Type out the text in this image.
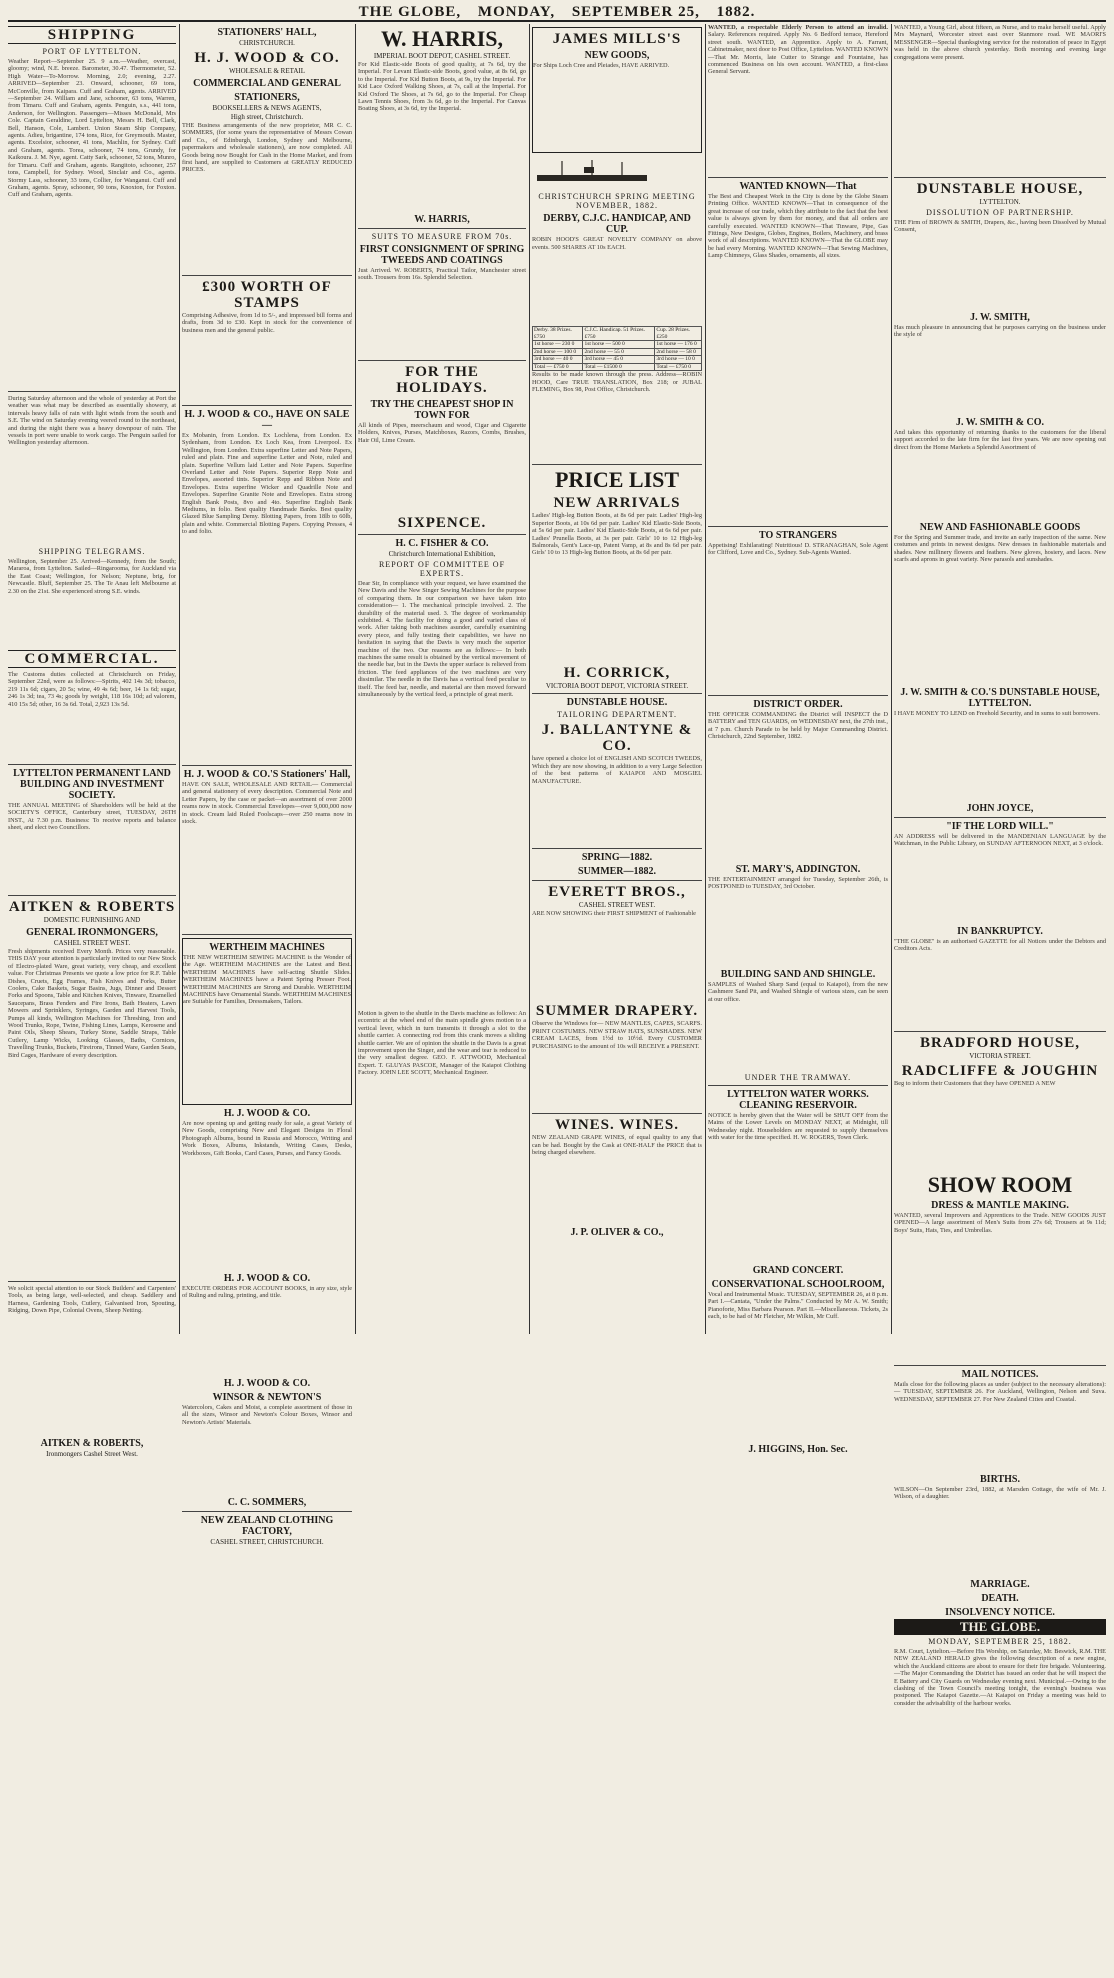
THE GLOBE, MONDAY, SEPTEMBER 25, 1882.
SHIPPING
PORT OF LYTTELTON.
Weather Report—September 25. 9 a.m.—Weather, overcast, gloomy; wind, N.E. breeze. Barometer, 30.47. Thermometer, 52. High Water—To-Morrow. Morning, 2.0; evening, 2.27. ARRIVED—September 23. Onward, schooner, 69 tons, McConville, from Kaipara. Cuff and Graham, agents. ARRIVED—September 24. William and Jane, schooner, 63 tons, Warren, from Timaru. Cuff and Graham, agents. Penguin, s.s., 441 tons, Anderson, for Wellington. Passengers—Misses McDonald, Mrs Cole. Captain Geraldine, Lord Lyttelton, Messrs H. Bell, Clark, Bell, Hanson, Cole, Lambert. Union Steam Ship Company, agents. Adieu, brigantine, 174 tons, Rice, for Greymouth. Master, agents. Excelsior, schooner, 41 tons, Machlin, for Sydney. Cuff and Graham, agents. Torea, schooner, 74 tons, Grundy, for Kaikoura. J. M. Nye, agent. Catty Sark, schooner, 52 tons, Munro, for Timaru. Cuff and Graham, agents. Rangitoto, schooner, 257 tons, Campbell, for Sydney. Wood, Sinclair and Co., agents. Stormy Lass, schooner, 33 tons, Collier, for Wanganui. Cuff and Graham, agents. Spray, schooner, 90 tons, Knoxton, for Foxton. Cuff and Graham, agents.
During Saturday afternoon and the whole of yesterday at Port the weather was what may be described as essentially showery, at intervals heavy falls of rain with light winds from the south and S.E. The wind on Saturday evening veered round to the northeast, and during the night there was a heavy downpour of rain. The vessels in port were unable to work cargo. The Penguin sailed for Wellington yesterday afternoon.
SHIPPING TELEGRAMS.
Wellington, September 25. Arrived—Kennedy, from the South; Mararoa, from Lyttelton. Sailed—Ringarooma, for Auckland via the East Coast; Wellington, for Nelson; Neptune, brig, for Newcastle. Bluff, September 25. The Te Anau left Melbourne at 2.30 on the 21st. She experienced strong S.E. winds.
COMMERCIAL.
The Customs duties collected at Christchurch on Friday, September 22nd, were as follows:—Spirits, 402 14s 3d; tobacco, 219 11s 6d; cigars, 20 5s; wine, 49 4s 6d; beer, 14 1s 6d; sugar, 246 1s 3d; tea, 73 4s; goods by weight, 118 16s 10d; ad valorem, 410 15s 5d; other, 16 3s 6d. Total, 2,923 13s 5d.
LYTTELTON PERMANENT LAND BUILDING AND INVESTMENT SOCIETY.
THE ANNUAL MEETING of Shareholders will be held at the SOCIETY'S OFFICE, Canterbury street, TUESDAY, 26TH INST., At 7.30 p.m. Business: To receive reports and balance sheet, and elect two Councillors.
AITKEN & ROBERTS
DOMESTIC FURNISHING AND
GENERAL IRONMONGERS,
CASHEL STREET WEST.
Fresh shipments received Every Month. Prices very reasonable. THIS DAY your attention is particularly invited to our New Stock of Electro-plated Ware, great variety, very cheap, and excellent value. For Christmas Presents we quote a low price for R.F. Table Dishes, Cruets, Egg Frames, Fish Knives and Forks, Butter Coolers, Cake Baskets, Sugar Basins, Jugs, Dinner and Dessert Forks and Spoons, Table and Kitchen Knives, Tinware, Enamelled Saucepans, Brass Fenders and Fire Irons, Bath Heaters, Lawn Mowers and Sprinklers, Syringes, Garden and Harvest Tools, Pumps all kinds, Wellington Machines for Threshing, Iron and Wood Trunks, Rope, Twine, Fishing Lines, Lamps, Kerosene and Paint Oils, Sheep Shears, Turkey Stone, Saddle Straps, Table Cutlery, Lamp Wicks, Looking Glasses, Baths, Cornices, Travelling Trunks, Buckets, Fireirons, Tinned Ware, Garden Seats, Bird Cages, Hardware of every description.
We solicit special attention to our Stock Builders' and Carpenters' Tools, as being large, well-selected, and cheap. Saddlery and Harness, Gardening Tools, Cutlery, Galvanised Iron, Spouting, Ridging, Down Pipe, Colonial Ovens, Sheep Netting.
AITKEN & ROBERTS,
Ironmongers Cashel Street West.
STATIONERS' HALL,
CHRISTCHURCH.
H. J. WOOD & CO.
WHOLESALE & RETAIL
COMMERCIAL AND GENERAL
STATIONERS,
BOOKSELLERS & NEWS AGENTS,
High street, Christchurch.
THE Business arrangements of the new proprietor, MR C. C. SOMMERS, (for some years the representative of Messrs Cowan and Co., of Edinburgh, London, Sydney and Melbourne, papermakers and wholesale stationers), are now completed. All Goods being now Bought for Cash in the Home Market, and from first hand, are supplied to Customers at GREATLY REDUCED PRICES.
£300 WORTH OF STAMPS
Comprising Adhesive, from 1d to 5/-, and impressed bill forms and drafts, from 3d to £30. Kept in stock for the convenience of business men and the general public.
H. J. WOOD & CO., HAVE ON SALE—
Ex Mobanin, from London. Ex Lochlena, from London. Ex Sydenham, from London. Ex Loch Kea, from Liverpool. Ex Wellington, from London. Extra superfine Letter and Note Papers, ruled and plain. Fine and superfine Letter and Note, ruled and plain. Superfine Vellum laid Letter and Note Papers. Superfine Overland Letter and Note Papers. Superior Repp Note and Envelopes, assorted tints. Superior Repp and Ribbon Note and Envelopes. Extra superfine Wicker and Quadrille Note and Envelopes. Superfine Granite Note and Envelopes. Extra strong English Bank Posts, 8vo and 4to. Superfine English Bank Mediums, in folio. Best quality Handmade Banks. Best quality Glazed Blue Sampling Demy. Blotting Papers, from 18lb to 60lb, plain and white. Commercial Blotting Papers. Copying Presses, 4 to and folio.
H. J. WOOD & CO.'S Stationers' Hall,
HAVE ON SALE, WHOLESALE AND RETAIL— Commercial and general stationery of every description. Commercial Note and Letter Papers, by the case or packet—an assortment of over 2000 reams now in stock. Commercial Envelopes—over 9,000,000 now in stock. Cream laid Ruled Foolscaps—over 250 reams now in stock.
WERTHEIM MACHINES
THE NEW WERTHEIM SEWING MACHINE is the Wonder of the Age. WERTHEIM MACHINES are the Latest and Best. WERTHEIM MACHINES have self-acting Shuttle Slides. WERTHEIM MACHINES have a Patent Spring Presser Foot. WERTHEIM MACHINES are Strong and Durable. WERTHEIM MACHINES have Ornamental Stands. WERTHEIM MACHINES are Suitable for Families, Dressmakers, Tailors.
H. J. WOOD & CO.
Are now opening up and getting ready for sale, a great Variety of New Goods, comprising New and Elegant Designs in Floral Photograph Albums, bound in Russia and Morocco, Writing and Work Boxes, Albums, Inkstands, Writing Cases, Desks, Workboxes, Gift Books, Card Cases, Purses, and Fancy Goods.
H. J. WOOD & CO.
EXECUTE ORDERS FOR ACCOUNT BOOKS, in any size, style of Ruling and ruling, printing, and title.
H. J. WOOD & CO.
WINSOR & NEWTON'S
Watercolors, Cakes and Moist, a complete assortment of those in all the sizes, Winsor and Newton's Colour Boxes, Winsor and Newton's Artists' Materials.
C. C. SOMMERS,
NEW ZEALAND CLOTHING FACTORY,
CASHEL STREET, CHRISTCHURCH.
W. HARRIS,
IMPERIAL BOOT DEPOT, CASHEL STREET.
For Kid Elastic-side Boots of good quality, at 7s 6d, try the Imperial. For Levant Elastic-side Boots, good value, at 8s 6d, go to the Imperial. For Kid Button Boots, at 9s, try the Imperial. For Kid Lace Oxford Walking Shoes, at 7s, call at the Imperial. For Kid Oxford Tie Shoes, at 7s 6d, go to the Imperial. For Cheap Lawn Tennis Shoes, from 3s 6d, go to the Imperial. For Canvas Boating Shoes, at 3s 6d, try the Imperial.
W. HARRIS,
SUITS TO MEASURE FROM 70s.
FIRST CONSIGNMENT OF SPRING TWEEDS AND COATINGS
Just Arrived. W. ROBERTS, Practical Tailor, Manchester street south. Trousers from 16s. Splendid Selection.
FOR THE HOLIDAYS.
TRY THE CHEAPEST SHOP IN TOWN FOR
All kinds of Pipes, meerschaum and wood, Cigar and Cigarette Holders, Knives, Purses, Matchboxes, Razors, Combs, Brushes, Hair Oil, Lime Cream.
SIXPENCE.
H. C. FISHER & CO.
Christchurch International Exhibition,
REPORT OF COMMITTEE OF EXPERTS.
Dear Sir, In compliance with your request, we have examined the New Davis and the New Singer Sewing Machines for the purpose of comparing them. In our comparison we have taken into consideration— 1. The mechanical principle involved. 2. The durability of the material used. 3. The degree of workmanship exhibited. 4. The facility for doing a good and varied class of work. After taking both machines asunder, carefully examining every piece, and fully testing their capabilities, we have no hesitation in saying that the Davis is very much the superior machine of the two. Our reasons are as follows:— In both machines the same result is obtained by the vertical movement of the needle bar, but in the Davis the upper surface is relieved from friction. The feed appliances of the two machines are very dissimilar. The needle in the Davis has a vertical feed peculiar to itself. The feed bar, needle, and material are then moved forward simultaneously by the vertical feed, a principle of great merit.
Motion is given to the shuttle in the Davis machine as follows: An eccentric at the wheel end of the main spindle gives motion to a vertical lever, which in turn transmits it through a slot to the shuttle carrier. A connecting rod from this crank moves a sliding shuttle carrier. We are of opinion the shuttle in the Davis is a great improvement upon the Singer, and the wear and tear is reduced to the very smallest degree. GEO. F. ATTWOOD, Mechanical Expert. T. GLUYAS PASCOE, Manager of the Kaiapoi Clothing Factory. JOHN LEE SCOTT, Mechanical Engineer.
JAMES MILLS'S
NEW GOODS,
For Ships Loch Cree and Pleiades, HAVE ARRIVED.
CHRISTCHURCH SPRING MEETING NOVEMBER, 1882.
DERBY, C.J.C. HANDICAP, AND CUP.
ROBIN HOOD'S GREAT NOVELTY COMPANY on above events. 500 SHARES AT 10s EACH.
Derby. 38 Prizes. £750	C.J.C. Handicap. 51 Prizes. £750	Cup. 28 Prizes. £250
1st horse — 230 0	1st horse — 500 0	1st horse — 176 0
2nd horse — 100 0	2nd horse — 55 0	2nd horse — 58 0
3rd horse — 40 0	3rd horse — 45 0	3rd horse — 10 0
Total — £750 0	Total — £1500 0	Total — £750 0
Results to be made known through the press. Address—ROBIN HOOD, Care TRUE TRANSLATION, Box 218; or JUBAL FLEMING, Box 98, Post Office, Christchurch.
PRICE LIST
NEW ARRIVALS
Ladies' High-leg Button Boots, at 8s 6d per pair. Ladies' High-leg Superior Boots, at 10s 6d per pair. Ladies' Kid Elastic-Side Boots, at 5s 6d per pair. Ladies' Kid Elastic-Side Boots, at 6s 6d per pair. Ladies' Prunella Boots, at 3s per pair. Girls' 10 to 12 High-leg Balmorals, Gent's Lace-up, Patent Vamp, at 8s and 8s 6d per pair. Girls' 10 to 13 High-leg Button Boots, at 8s 6d per pair.
H. CORRICK,
VICTORIA BOOT DEPOT, VICTORIA STREET.
DUNSTABLE HOUSE.
TAILORING DEPARTMENT.
J. BALLANTYNE & CO.
have opened a choice lot of ENGLISH AND SCOTCH TWEEDS, Which they are now showing, in addition to a very Large Selection of the best patterns of KAIAPOI AND MOSGIEL MANUFACTURE.
SPRING—1882.
SUMMER—1882.
EVERETT BROS.,
CASHEL STREET WEST.
ARE NOW SHOWING their FIRST SHIPMENT of Fashionable
SUMMER DRAPERY.
Observe the Windows for— NEW MANTLES, CAPES, SCARFS. PRINT COSTUMES. NEW STRAW HATS, SUNSHADES. NEW CREAM LACES, from 1½d to 10½d. Every CUSTOMER PURCHASING to the amount of 10s will RECEIVE a PRESENT.
WINES. WINES.
NEW ZEALAND GRAPE WINES, of equal quality to any that can be had. Bought by the Cask at ONE-HALF the PRICE that is being charged elsewhere.
J. P. OLIVER & CO.,
WANTED, a respectable Elderly Person to attend an invalid. Salary. References required. Apply No. 6 Bedford terrace, Hereford street south. WANTED, an Apprentice. Apply to A. Farrant, Cabinetmaker, next door to Post Office, Lyttelton. WANTED KNOWN—That Mr. Morris, late Cutter to Strange and Fountaine, has commenced Business on his own account. WANTED, a first-class General Servant.
WANTED KNOWN—That
The Best and Cheapest Work in the City is done by the Globe Steam Printing Office. WANTED KNOWN—That in consequence of the great increase of our trade, which they attribute to the fact that the best value is always given by them for money, and that all orders are carefully executed. WANTED KNOWN—That Tinware, Pipe, Gas Fittings, New Designs, Globes, Engines, Boilers, Machinery, and brass work of all descriptions. WANTED KNOWN—That the GLOBE may be had every Morning. WANTED KNOWN—That Sewing Machines, Lamp Chimneys, Glass Shades, ornaments, all sizes.
TO STRANGERS
Appetising! Exhilarating! Nutritious! D. STRANAGHAN, Sole Agent for Clifford, Love and Co., Sydney. Sub-Agents Wanted.
DISTRICT ORDER.
THE OFFICER COMMANDING the District will INSPECT the D BATTERY and TEN GUARDS, on WEDNESDAY next, the 27th inst., at 7 p.m. Church Parade to be held by Major Commanding District. Christchurch, 22nd September, 1882.
ST. MARY'S, ADDINGTON.
THE ENTERTAINMENT arranged for Tuesday, September 26th, is POSTPONED to TUESDAY, 3rd October.
BUILDING SAND AND SHINGLE.
SAMPLES of Washed Sharp Sand (equal to Kaiapoi), from the new Cashmere Sand Pit, and Washed Shingle of various sizes, can be seen at our office.
UNDER THE TRAMWAY.
LYTTELTON WATER WORKS. CLEANING RESERVOIR.
NOTICE is hereby given that the Water will be SHUT OFF from the Mains of the Lower Levels on MONDAY NEXT, at Midnight, till Wednesday night. Householders are requested to supply themselves with water for the time specified. H. W. ROGERS, Town Clerk.
GRAND CONCERT.
CONSERVATIONAL SCHOOLROOM,
Vocal and Instrumental Music. TUESDAY, SEPTEMBER 26, at 8 p.m. Part I.—Cantata, "Under the Palms." Conducted by Mr A. W. Smith; Pianoforte, Miss Barbara Pearson. Part II.—Miscellaneous. Tickets, 2s each, to be had of Mr Fletcher, Mr Wilkin, Mr Cuff.
J. HIGGINS, Hon. Sec.
WANTED, a Young Girl, about fifteen, as Nurse, and to make herself useful. Apply Mrs Maynard, Worcester street east over Stanmore road. WE MAORI'S MESSENGER—Special thanksgiving service for the restoration of peace in Egypt was held in the above church yesterday. Both morning and evening large congregations were present.
DUNSTABLE HOUSE,
LYTTELTON.
DISSOLUTION OF PARTNERSHIP.
THE Firm of BROWN & SMITH, Drapers, &c., having been Dissolved by Mutual Consent,
J. W. SMITH,
Has much pleasure in announcing that he purposes carrying on the business under the style of
J. W. SMITH & CO.
And takes this opportunity of returning thanks to the customers for the liberal support accorded to the late firm for the last five years. We are now opening out direct from the Home Markets a Splendid Assortment of
NEW AND FASHIONABLE GOODS
For the Spring and Summer trade, and invite an early inspection of the same. New costumes and prints in newest designs. New dresses in fashionable materials and shades. New millinery flowers and feathers. New gloves, hosiery, and laces. New scarfs and aprons in great variety. New parasols and sunshades.
J. W. SMITH & CO.'S DUNSTABLE HOUSE, LYTTELTON.
I HAVE MONEY TO LEND on Freehold Security, and in sums to suit borrowers.
JOHN JOYCE,
"IF THE LORD WILL."
AN ADDRESS will be delivered in the MANDENIAN LANGUAGE by the Watchman, in the Public Library, on SUNDAY AFTERNOON NEXT, at 3 o'clock.
IN BANKRUPTCY.
"THE GLOBE" is an authorised GAZETTE for all Notices under the Debtors and Creditors Acts.
BRADFORD HOUSE,
VICTORIA STREET.
RADCLIFFE & JOUGHIN
Beg to inform their Customers that they have OPENED A NEW
SHOW ROOM
DRESS & MANTLE MAKING.
WANTED, several Improvers and Apprentices to the Trade. NEW GOODS JUST OPENED—A large assortment of Men's Suits from 27s 6d; Trousers at 9s 11d; Boys' Suits, Hats, Ties, and Umbrellas.
MAIL NOTICES.
Mails close for the following places as under (subject to the necessary alterations):— TUESDAY, SEPTEMBER 26. For Auckland, Wellington, Nelson and Suva. WEDNESDAY, SEPTEMBER 27. For New Zealand Cities and Coastal.
BIRTHS.
WILSON—On September 23rd, 1882, at Marsden Cottage, the wife of Mr. J. Wilson, of a daughter.
MARRIAGE.
DEATH.
INSOLVENCY NOTICE.
THE GLOBE.
MONDAY, SEPTEMBER 25, 1882.
R.M. Court, Lyttelton.—Before His Worship, on Saturday, Mr. Beswick, R.M. THE NEW ZEALAND HERALD gives the following description of a new engine, which the Auckland citizens are about to ensure for their fire brigade. Volunteering.—The Major Commanding the District has issued an order that he will inspect the E Battery and City Guards on Wednesday evening next. Municipal.—Owing to the clashing of the Town Council's meeting tonight, the evening's business was postponed. The Kaiapoi Gazette.—At Kaiapoi on Friday a meeting was held to consider the advisability of the harbour works.
